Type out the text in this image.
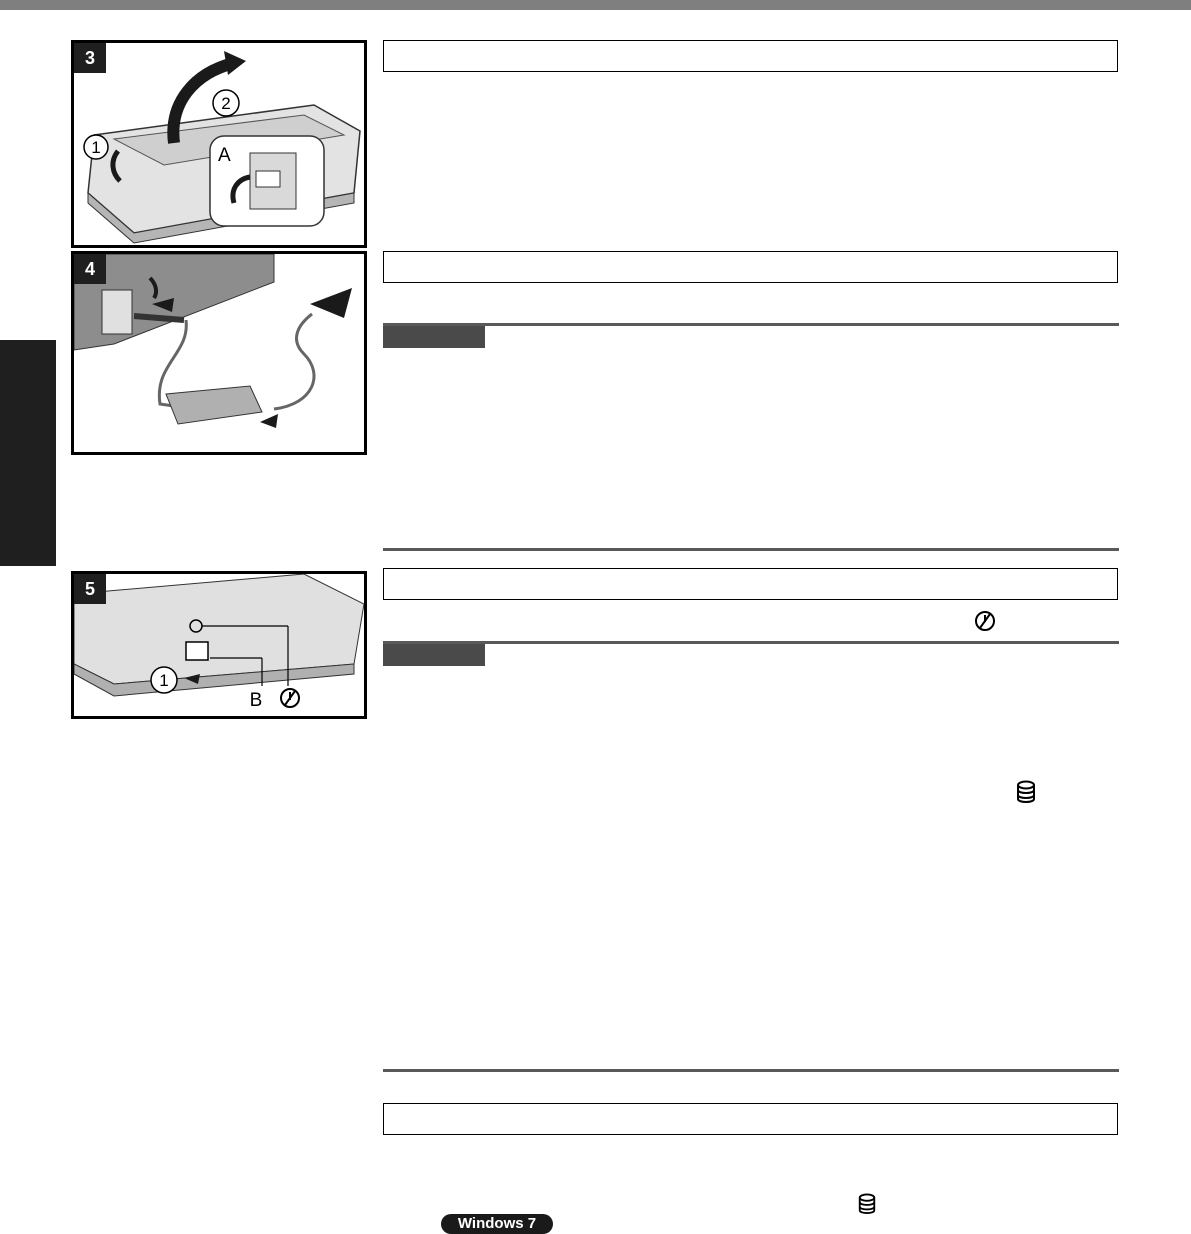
3
1
2
A
4
5
1
B
Windows 7
